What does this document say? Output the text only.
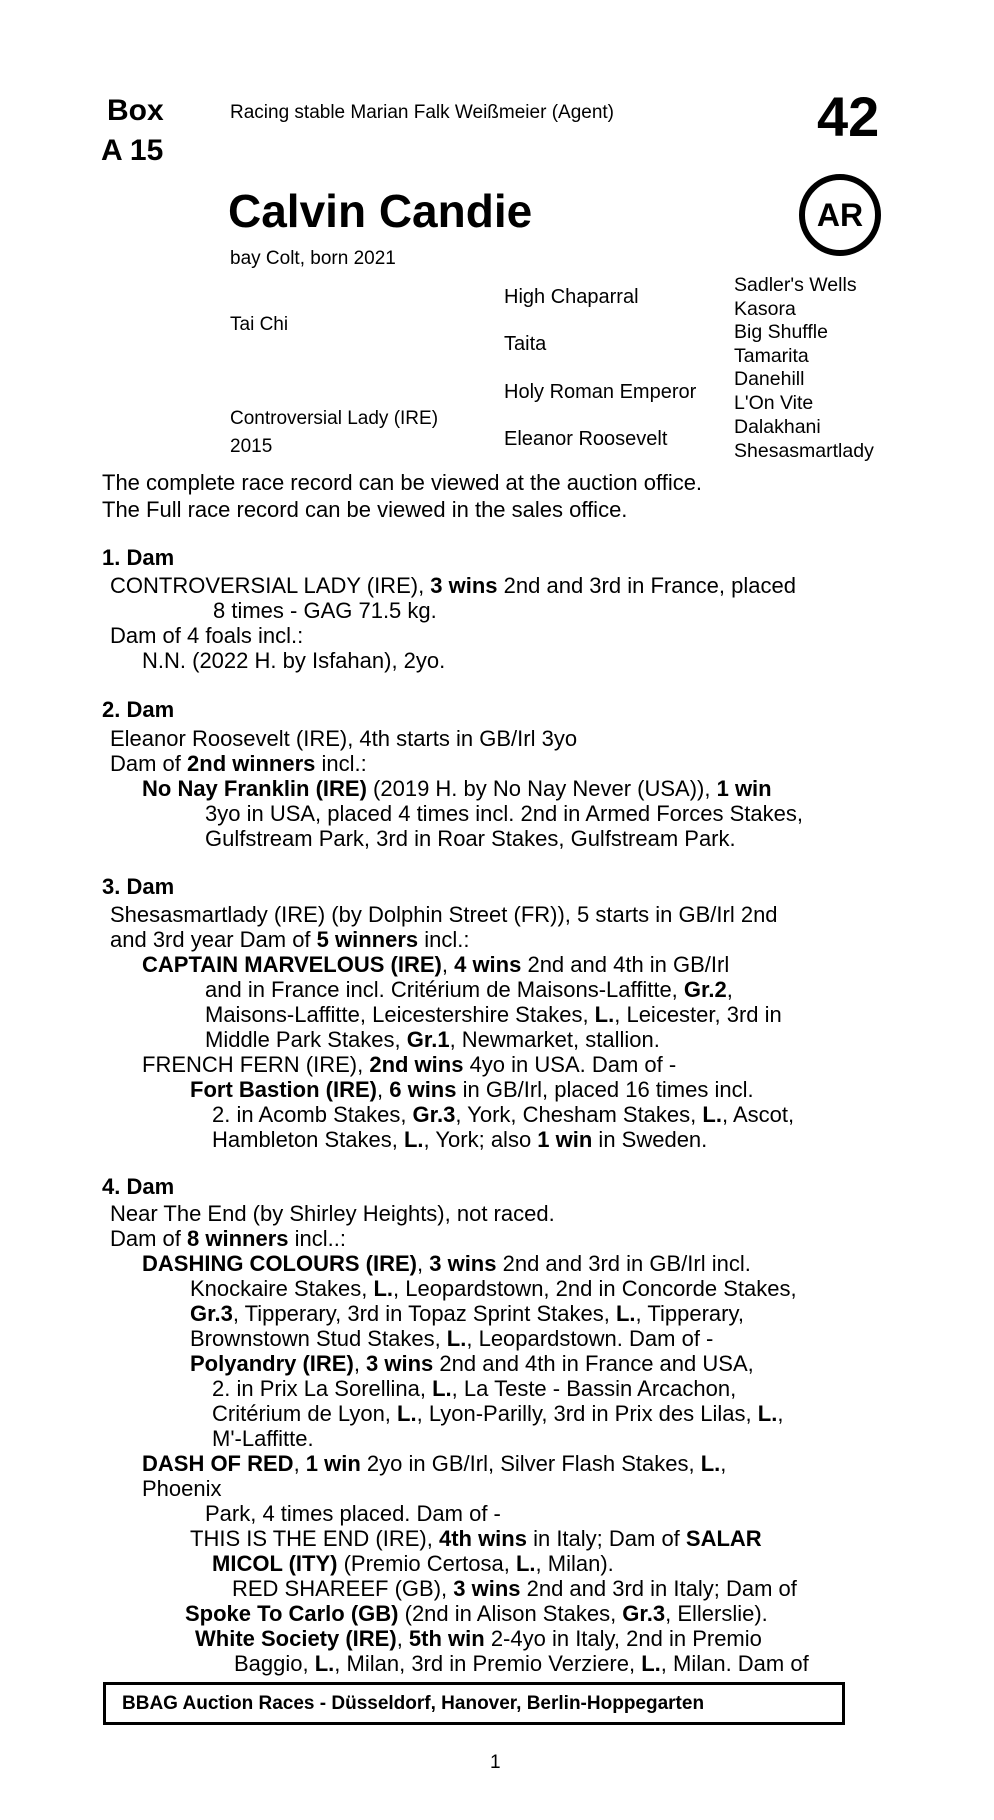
Box
A 15
Racing stable Marian Falk Weißmeier (Agent)	42
AR
Calvin Candie
bay Colt, born 2021
Tai Chi
Controversial Lady (IRE)
2015
High Chaparral
Taita
Holy Roman Emperor
Eleanor Roosevelt
Sadler's Wells
Kasora
Big Shuffle
Tamarita
Danehill
L'On Vite
Dalakhani
Shesasmartlady
The complete race record can be viewed at the auction office.
The Full race record can be viewed in the sales office.
1. Dam
CONTROVERSIAL LADY (IRE), 3 wins 2nd and 3rd in France, placed
8 times - GAG 71.5 kg.
Dam of 4 foals incl.:
N.N. (2022 H. by Isfahan), 2yo.
2. Dam
Eleanor Roosevelt (IRE), 4th starts in GB/Irl 3yo
Dam of 2nd winners incl.:
No Nay Franklin (IRE) (2019 H. by No Nay Never (USA)), 1 win
3yo in USA, placed 4 times incl. 2nd in Armed Forces Stakes,
Gulfstream Park, 3rd in Roar Stakes, Gulfstream Park.
3. Dam
Shesasmartlady (IRE) (by Dolphin Street (FR)), 5 starts in GB/Irl 2nd
and 3rd year Dam of 5 winners incl.:
CAPTAIN MARVELOUS (IRE), 4 wins 2nd and 4th in GB/Irl
and in France incl. Critérium de Maisons-Laffitte, Gr.2,
Maisons-Laffitte, Leicestershire Stakes, L., Leicester, 3rd in
Middle Park Stakes, Gr.1, Newmarket, stallion.
FRENCH FERN (IRE), 2nd wins 4yo in USA. Dam of -
Fort Bastion (IRE), 6 wins in GB/Irl, placed 16 times incl.
2. in Acomb Stakes, Gr.3, York, Chesham Stakes, L., Ascot,
Hambleton Stakes, L., York; also 1 win in Sweden.
4. Dam
Near The End (by Shirley Heights), not raced.
Dam of 8 winners incl..:
DASHING COLOURS (IRE), 3 wins 2nd and 3rd in GB/Irl incl.
Knockaire Stakes, L., Leopardstown, 2nd in Concorde Stakes,
Gr.3, Tipperary, 3rd in Topaz Sprint Stakes, L., Tipperary,
Brownstown Stud Stakes, L., Leopardstown. Dam of -
Polyandry (IRE), 3 wins 2nd and 4th in France and USA,
2. in Prix La Sorellina, L., La Teste - Bassin Arcachon,
Critérium de Lyon, L., Lyon-Parilly, 3rd in Prix des Lilas, L.,
M'-Laffitte.
DASH OF RED, 1 win 2yo in GB/Irl, Silver Flash Stakes, L.,
Phoenix
Park, 4 times placed. Dam of -
THIS IS THE END (IRE), 4th wins in Italy; Dam of SALAR
MICOL (ITY) (Premio Certosa, L., Milan).
RED SHAREEF (GB), 3 wins 2nd and 3rd in Italy; Dam of
Spoke To Carlo (GB) (2nd in Alison Stakes, Gr.3, Ellerslie).
White Society (IRE), 5th win 2-4yo in Italy, 2nd in Premio
Baggio, L., Milan, 3rd in Premio Verziere, L., Milan. Dam of
BBAG Auction Races - Düsseldorf, Hanover, Berlin-Hoppegarten
1
